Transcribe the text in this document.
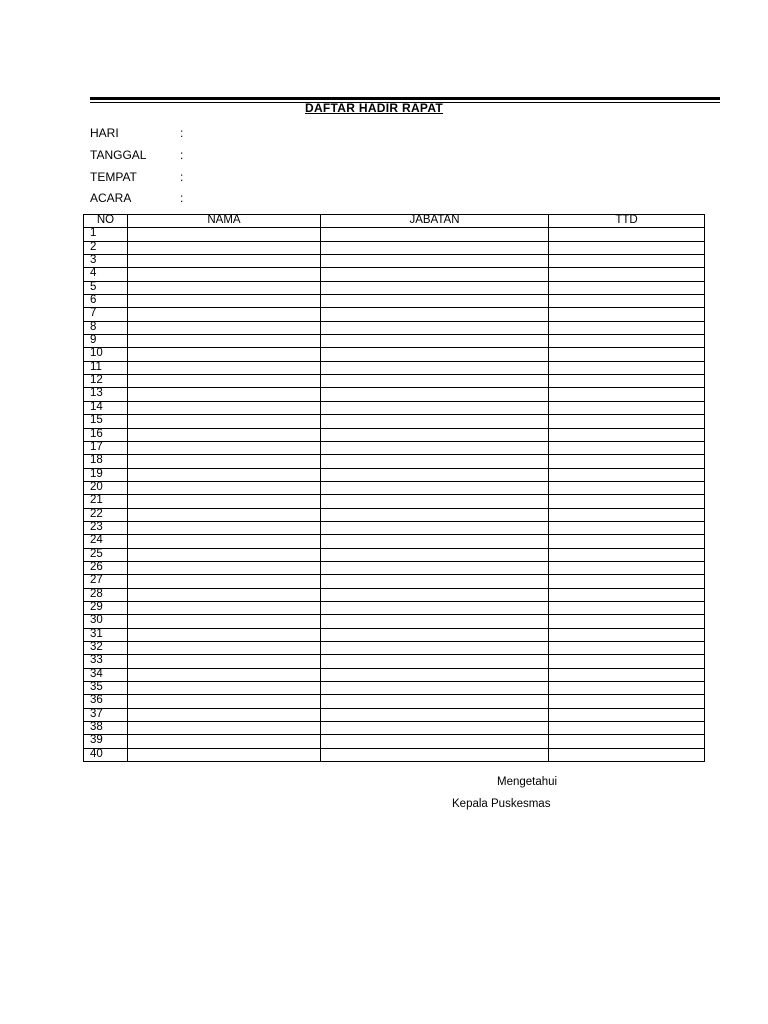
DAFTAR HADIR RAPAT
HARI	:
TANGGAL	:
TEMPAT	:
ACARA	:
NO	NAMA	JABATAN	TTD
1			
2			
3			
4			
5			
6			
7			
8			
9			
10			
11			
12			
13			
14			
15			
16			
17			
18			
19			
20			
21			
22			
23			
24			
25			
26			
27			
28			
29			
30			
31			
32			
33			
34			
35			
36			
37			
38			
39			
40			
Mengetahui
Kepala Puskesmas
